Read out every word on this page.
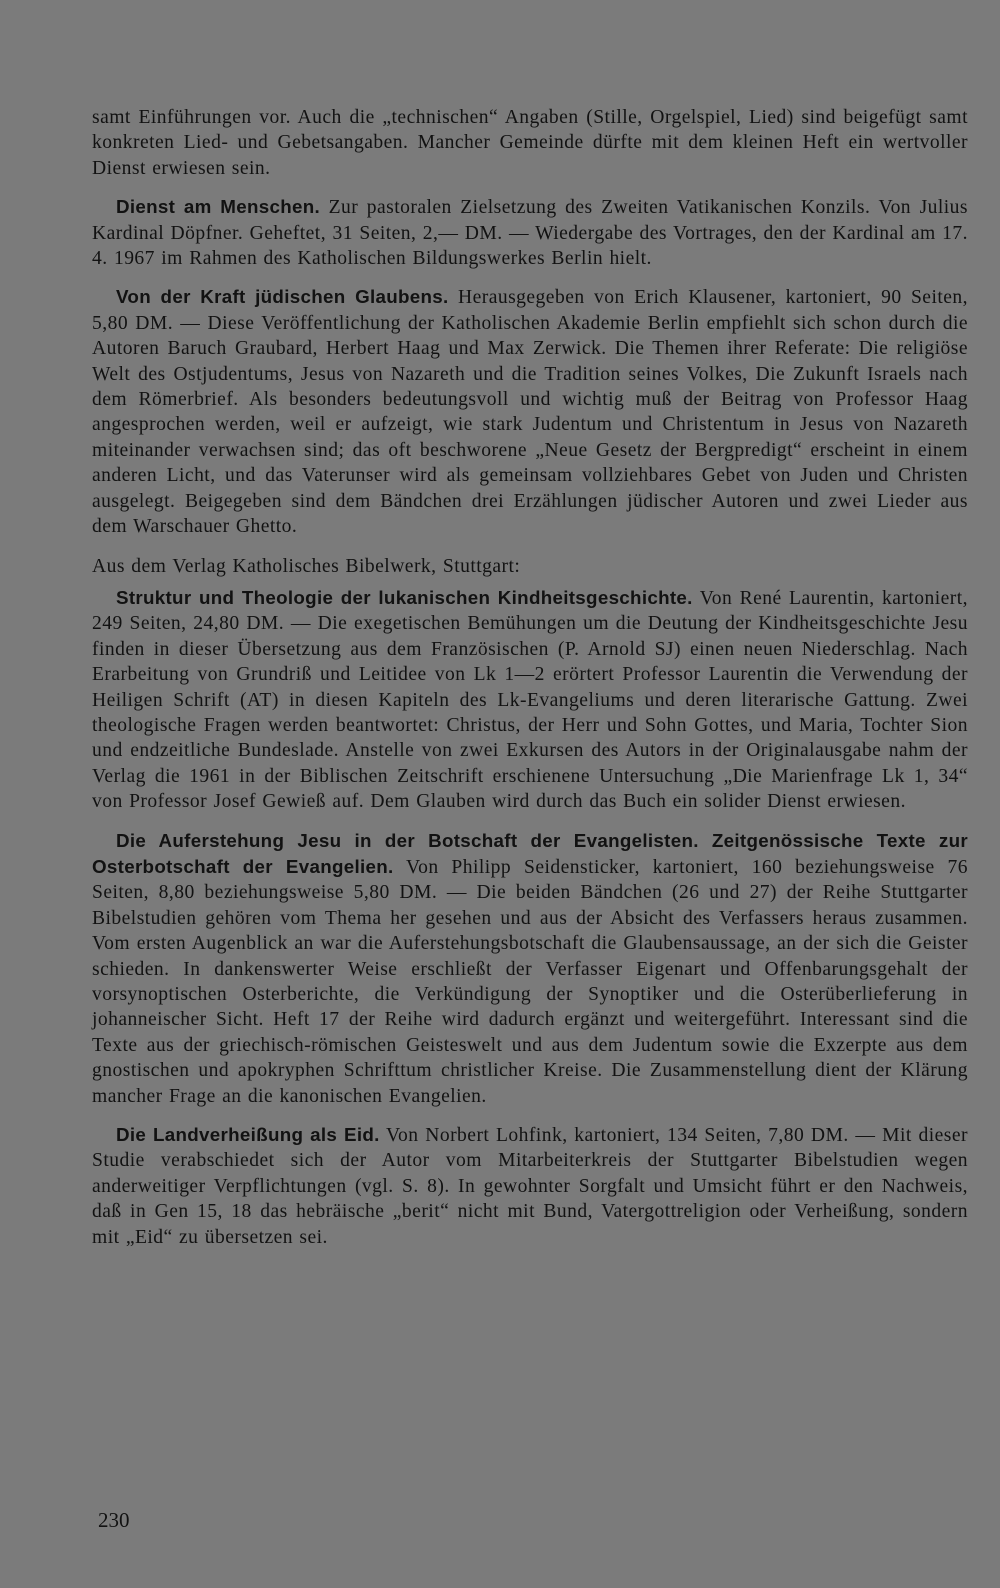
samt Einführungen vor. Auch die „technischen“ Angaben (Stille, Orgelspiel, Lied) sind beigefügt samt konkreten Lied- und Gebetsangaben. Mancher Gemeinde dürfte mit dem kleinen Heft ein wertvoller Dienst erwiesen sein.

Dienst am Menschen. Zur pastoralen Zielsetzung des Zweiten Vatikanischen Konzils. Von Julius Kardinal Döpfner. Geheftet, 31 Seiten, 2,— DM. — Wiedergabe des Vortrages, den der Kardinal am 17. 4. 1967 im Rahmen des Katholischen Bildungswerkes Berlin hielt.

Von der Kraft jüdischen Glaubens. Herausgegeben von Erich Klausener, kartoniert, 90 Seiten, 5,80 DM. — Diese Veröffentlichung der Katholischen Akademie Berlin empfiehlt sich schon durch die Autoren Baruch Graubard, Herbert Haag und Max Zerwick. Die Themen ihrer Referate: Die religiöse Welt des Ostjudentums, Jesus von Nazareth und die Tradition seines Volkes, Die Zukunft Israels nach dem Römerbrief. Als besonders bedeutungsvoll und wichtig muß der Beitrag von Professor Haag angesprochen werden, weil er aufzeigt, wie stark Judentum und Christentum in Jesus von Nazareth miteinander verwachsen sind; das oft beschworene „Neue Gesetz der Bergpredigt“ erscheint in einem anderen Licht, und das Vaterunser wird als gemeinsam vollziehbares Gebet von Juden und Christen ausgelegt. Beigegeben sind dem Bändchen drei Erzählungen jüdischer Autoren und zwei Lieder aus dem Warschauer Ghetto.

Aus dem Verlag Katholisches Bibelwerk, Stuttgart:

Struktur und Theologie der lukanischen Kindheitsgeschichte. Von René Laurentin, kartoniert, 249 Seiten, 24,80 DM. — Die exegetischen Bemühungen um die Deutung der Kindheitsgeschichte Jesu finden in dieser Übersetzung aus dem Französischen (P. Arnold SJ) einen neuen Niederschlag. Nach Erarbeitung von Grundriß und Leitidee von Lk 1—2 erörtert Professor Laurentin die Verwendung der Heiligen Schrift (AT) in diesen Kapiteln des Lk-Evangeliums und deren literarische Gattung. Zwei theologische Fragen werden beantwortet: Christus, der Herr und Sohn Gottes, und Maria, Tochter Sion und endzeitliche Bundeslade. Anstelle von zwei Exkursen des Autors in der Originalausgabe nahm der Verlag die 1961 in der Biblischen Zeitschrift erschienene Untersuchung „Die Marienfrage Lk 1, 34“ von Professor Josef Gewieß auf. Dem Glauben wird durch das Buch ein solider Dienst erwiesen.

Die Auferstehung Jesu in der Botschaft der Evangelisten. Zeitgenössische Texte zur Osterbotschaft der Evangelien. Von Philipp Seidensticker, kartoniert, 160 beziehungsweise 76 Seiten, 8,80 beziehungsweise 5,80 DM. — Die beiden Bändchen (26 und 27) der Reihe Stuttgarter Bibelstudien gehören vom Thema her gesehen und aus der Absicht des Verfassers heraus zusammen. Vom ersten Augenblick an war die Auferstehungsbotschaft die Glaubensaussage, an der sich die Geister schieden. In dankenswerter Weise erschließt der Verfasser Eigenart und Offenbarungsgehalt der vorsynoptischen Osterberichte, die Verkündigung der Synoptiker und die Osterüberlieferung in johanneischer Sicht. Heft 17 der Reihe wird dadurch ergänzt und weitergeführt. Interessant sind die Texte aus der griechisch-römischen Geisteswelt und aus dem Judentum sowie die Exzerpte aus dem gnostischen und apokryphen Schrifttum christlicher Kreise. Die Zusammenstellung dient der Klärung mancher Frage an die kanonischen Evangelien.

Die Landverheißung als Eid. Von Norbert Lohfink, kartoniert, 134 Seiten, 7,80 DM. — Mit dieser Studie verabschiedet sich der Autor vom Mitarbeiterkreis der Stuttgarter Bibelstudien wegen anderweitiger Verpflichtungen (vgl. S. 8). In gewohnter Sorgfalt und Umsicht führt er den Nachweis, daß in Gen 15, 18 das hebräische „berit“ nicht mit Bund, Vatergottreligion oder Verheißung, sondern mit „Eid“ zu übersetzen sei.

230
